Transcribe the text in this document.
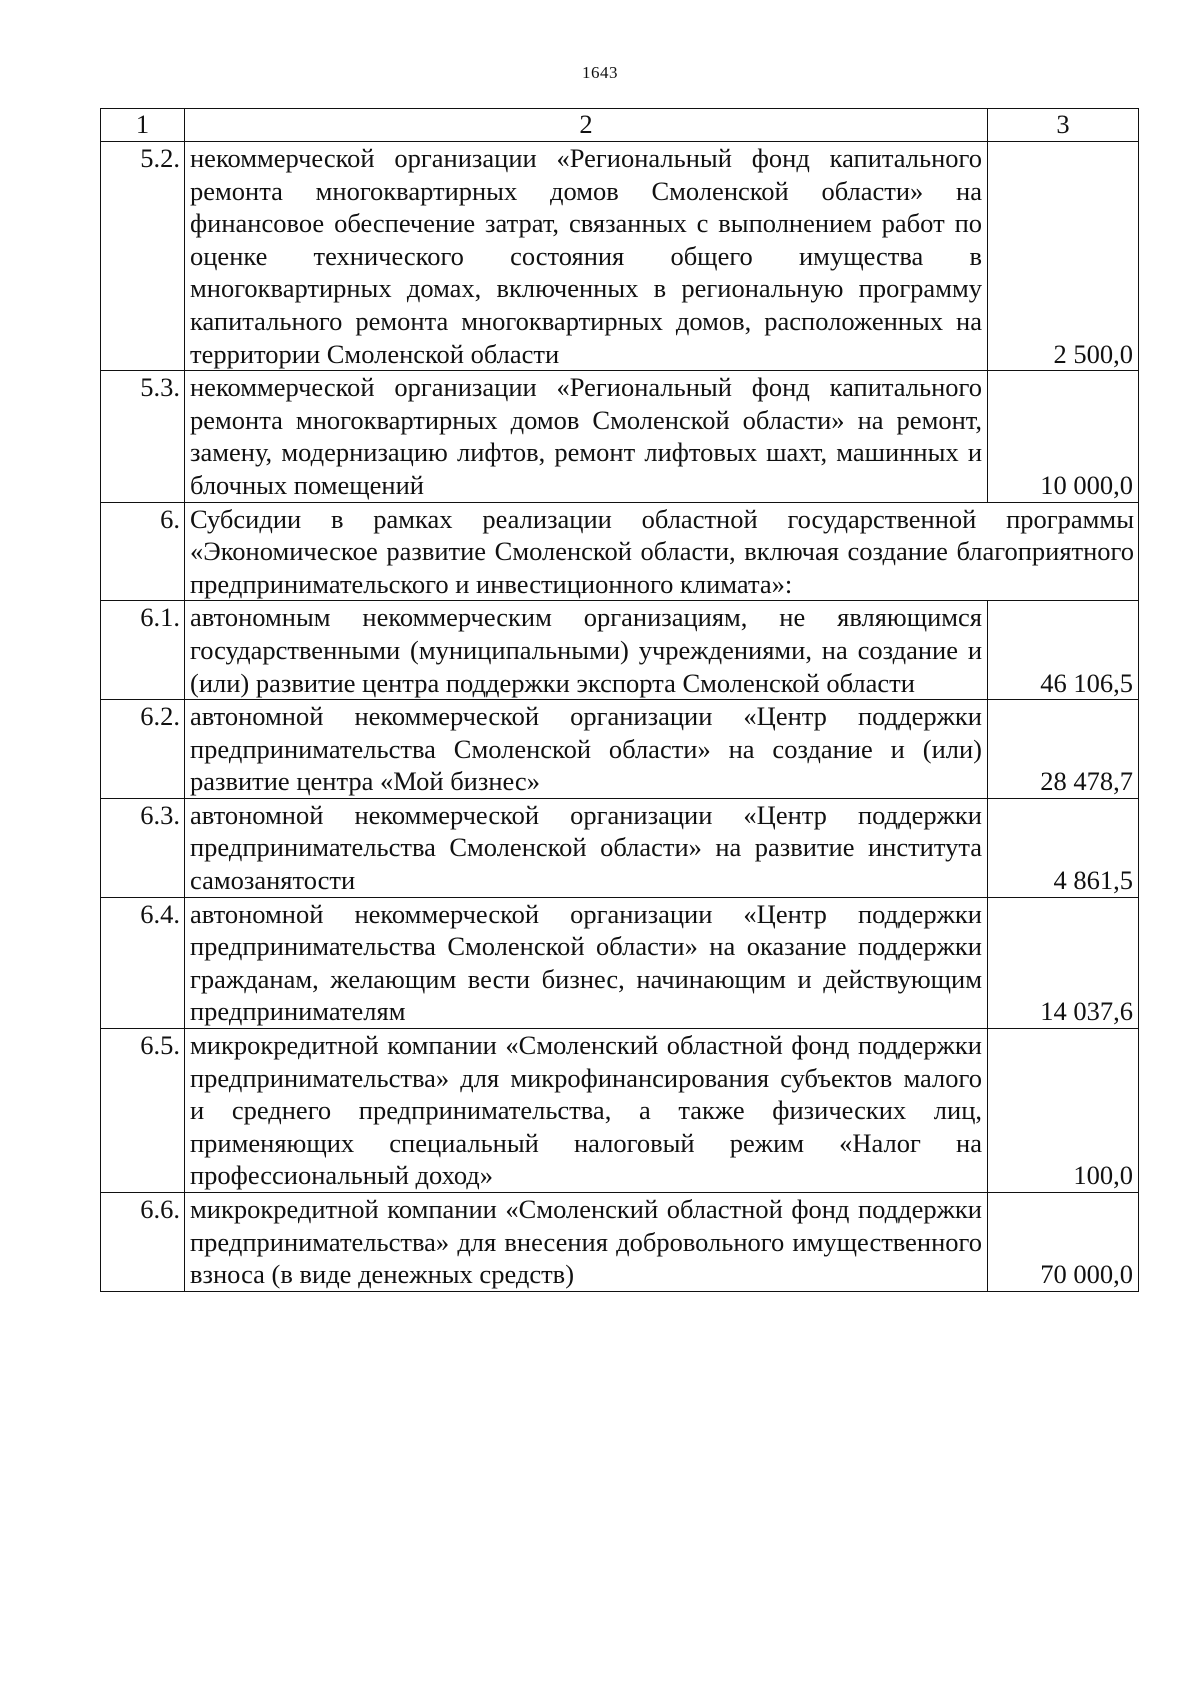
1643
1	2	3
5.2.	некоммерческой организации «Региональный фонд капитального ремонта многоквартирных домов Смоленской области» на финансовое обеспечение затрат, связанных с выполнением работ по оценке технического состояния общего имущества в многоквартирных домах, включенных в региональную программу капитального ремонта многоквартирных домов, расположенных на территории Смоленской области	2 500,0
5.3.	некоммерческой организации «Региональный фонд капитального ремонта многоквартирных домов Смоленской области» на ремонт, замену, модернизацию лифтов, ремонт лифтовых шахт, машинных и блочных помещений	10 000,0
6.	Субсидии в рамках реализации областной государственной программы «Экономическое развитие Смоленской области, включая создание благоприятного предпринимательского и инвестиционного климата»:	
6.1.	автономным некоммерческим организациям, не являющимся государственными (муниципальными) учреждениями, на создание и (или) развитие центра поддержки экспорта Смоленской области	46 106,5
6.2.	автономной некоммерческой организации «Центр поддержки предпринимательства Смоленской области» на создание и (или) развитие центра «Мой бизнес»	28 478,7
6.3.	автономной некоммерческой организации «Центр поддержки предпринимательства Смоленской области» на развитие института самозанятости	4 861,5
6.4.	автономной некоммерческой организации «Центр поддержки предпринимательства Смоленской области» на оказание поддержки гражданам, желающим вести бизнес, начинающим и действующим предпринимателям	14 037,6
6.5.	микрокредитной компании «Смоленский областной фонд поддержки предпринимательства» для микрофинансирования субъектов малого и среднего предпринимательства, а также физических лиц, применяющих специальный налоговый режим «Налог на профессиональный доход»	100,0
6.6.	микрокредитной компании «Смоленский областной фонд поддержки предпринимательства» для внесения добровольного имущественного взноса (в виде денежных средств)	70 000,0
